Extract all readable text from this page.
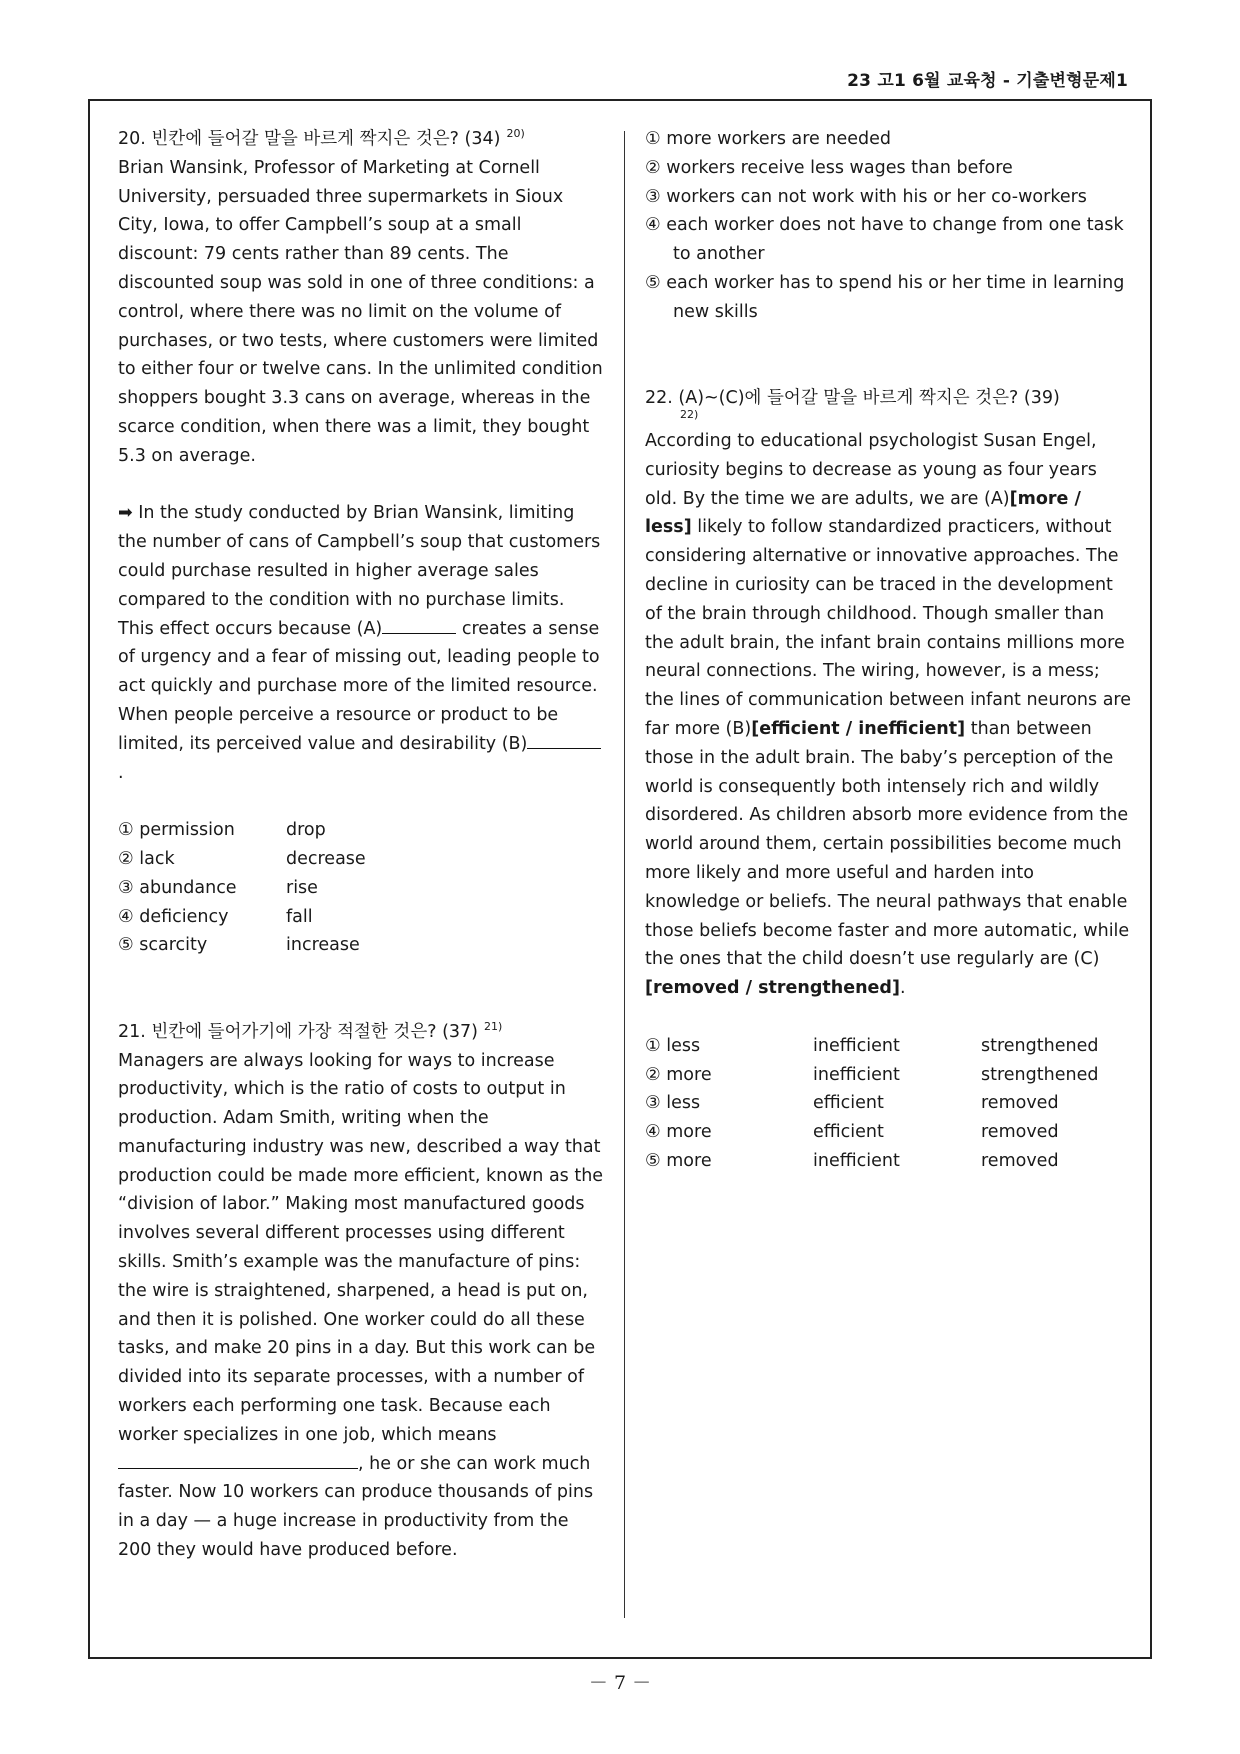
23 고1 6월 교육청 - 기출변형문제1
20. 빈칸에 들어갈 말을 바르게 짝지은 것은? (34) $^{20)}$

Brian Wansink, Professor of Marketing at Cornell University, persuaded three supermarkets in Sioux City, Iowa, to offer Campbell’s soup at a small discount: 79 cents rather than 89 cents. The discounted soup was sold in one of three conditions: a control, where there was no limit on the volume of purchases, or two tests, where customers were limited to either four or twelve cans. In the unlimited condition shoppers bought 3.3 cans on average, whereas in the scarce condition, when there was a limit, they bought 5.3 on average.

➡ In the study conducted by Brian Wansink, limiting the number of cans of Campbell’s soup that customers could purchase resulted in higher average sales compared to the condition with no purchase limits. This effect occurs because (A)	creates a sense of urgency and a fear of missing out, leading people to act quickly and purchase more of the limited resource. When people perceive a resource or product to be limited, its perceived value and desirability (B).

① permission	drop
② lack	decrease
③ abundance	rise
④ deficiency	fall
⑤ scarcity	increase
21. 빈칸에 들어가기에 가장 적절한 것은? (37) $^{21)}$

Managers are always looking for ways to increase productivity, which is the ratio of costs to output in production. Adam Smith, writing when the manufacturing industry was new, described a way that production could be made more efficient, known as the “division of labor.” Making most manufactured goods involves several different processes using different skills. Smith’s example was the manufacture of pins: the wire is straightened, sharpened, a head is put on, and then it is polished. One worker could do all these tasks, and make 20 pins in a day. But this work can be divided into its separate processes, with a number of workers each performing one task. Because each worker specializes in one job, which means , he or she can work much faster. Now 10 workers can produce thousands of pins in a day — a huge increase in productivity from the 200 they would have produced before.

① more workers are needed
② workers receive less wages than before
③ workers can not work with his or her co-workers
④ each worker does not have to change from one task to another
⑤ each worker has to spend his or her time in learning new skills
22. (A)~(C)에 들어갈 말을 바르게 짝지은 것은? (39)
22)

According to educational psychologist Susan Engel, curiosity begins to decrease as young as four years old. By the time we are adults, we are (A)[more / less] likely to follow standardized practicers, without considering alternative or innovative approaches. The decline in curiosity can be traced in the development of the brain through childhood. Though smaller than the adult brain, the infant brain contains millions more neural connections. The wiring, however, is a mess; the lines of communication between infant neurons are far more (B)[efficient / inefficient] than between those in the adult brain. The baby’s perception of the world is consequently both intensely rich and wildly disordered. As children absorb more evidence from the world around them, certain possibilities become much more likely and more useful and harden into knowledge or beliefs. The neural pathways that enable those beliefs become faster and more automatic, while the ones that the child doesn’t use regularly are (C)[removed / strengthened].

① less	inefficient	strengthened
② more	inefficient	strengthened
③ less	efficient	removed
④ more	efficient	removed
⑤ more	inefficient	removed
－ 7 －
